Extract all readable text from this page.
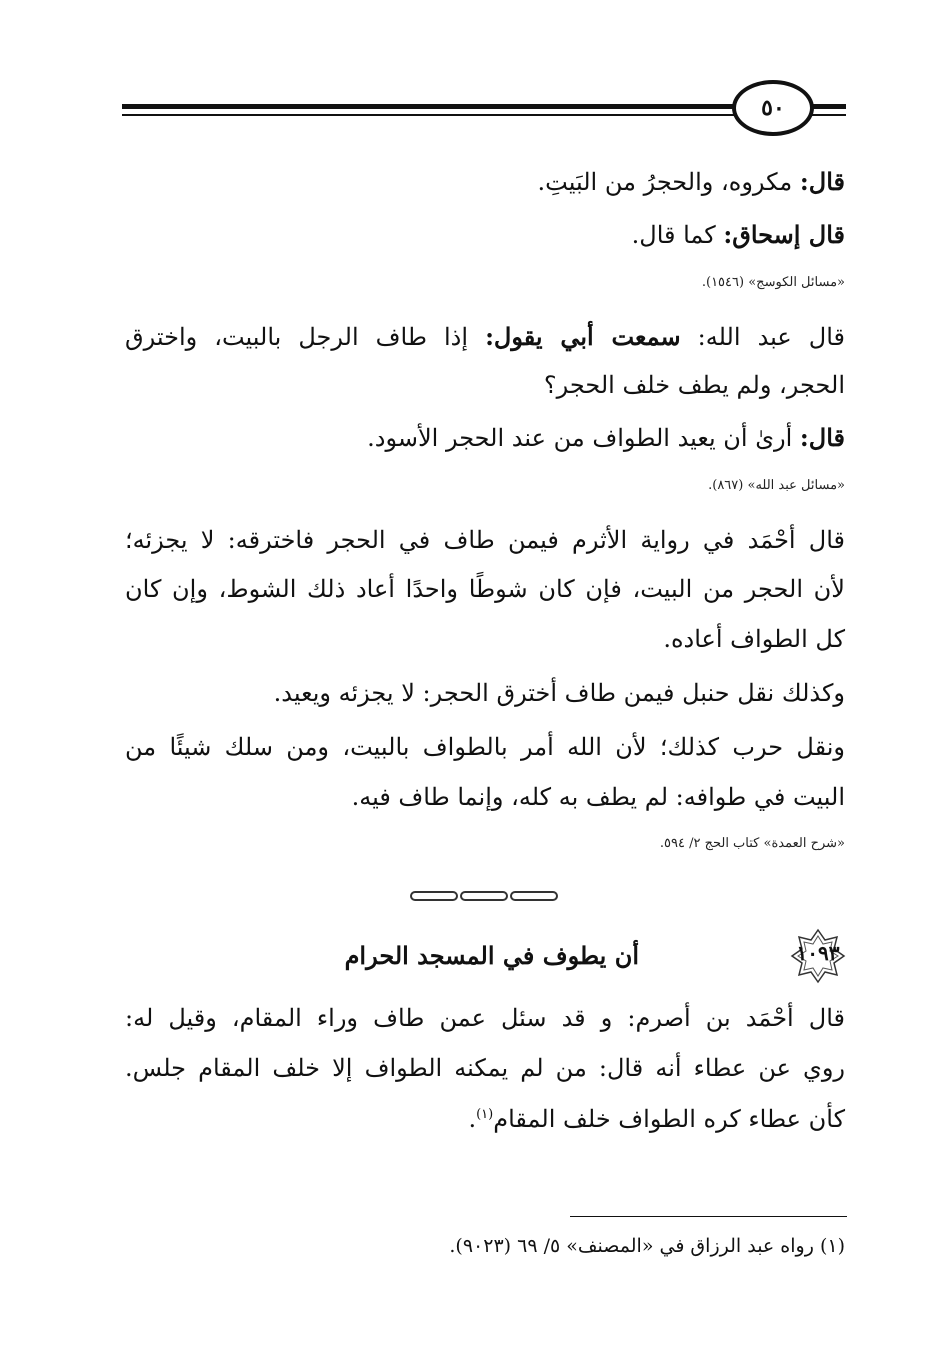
٥٠
قال: مكروه، والحجرُ من البَيتِ.
قال إسحاق: كما قال.
«مسائل الكوسج» (١٥٤٦).
قال عبد الله: سمعت أبي يقول: إذا طاف الرجل بالبيت، واخترق
الحجر، ولم يطف خلف الحجر؟
قال: أرىٰ أن يعيد الطواف من عند الحجر الأسود.
«مسائل عبد الله» (٨٦٧).
قال أحْمَد في رواية الأثرم فيمن طاف في الحجر فاخترقه: لا يجزئه؛
لأن الحجر من البيت، فإن كان شوطًا واحدًا أعاد ذلك الشوط، وإن كان
كل الطواف أعاده.
وكذلك نقل حنبل فيمن طاف أخترق الحجر: لا يجزئه ويعيد.
ونقل حرب كذلك؛ لأن الله أمر بالطواف بالبيت، ومن سلك شيئًا من
البيت في طوافه: لم يطف به كله، وإنما طاف فيه.
«شرح العمدة» كتاب الحج ٢/ ٥٩٤.
١٠٩٣
أن يطوف في المسجد الحرام
قال أحْمَد بن أصرم: و قد سئل عمن طاف وراء المقام، وقيل له:
روي عن عطاء أنه قال: من لم يمكنه الطواف إلا خلف المقام جلس.
كأن عطاء كره الطواف خلف المقام$^{(١)}$.
(١) رواه عبد الرزاق في «المصنف» ٥/ ٦٩ (٩٠٢٣).
